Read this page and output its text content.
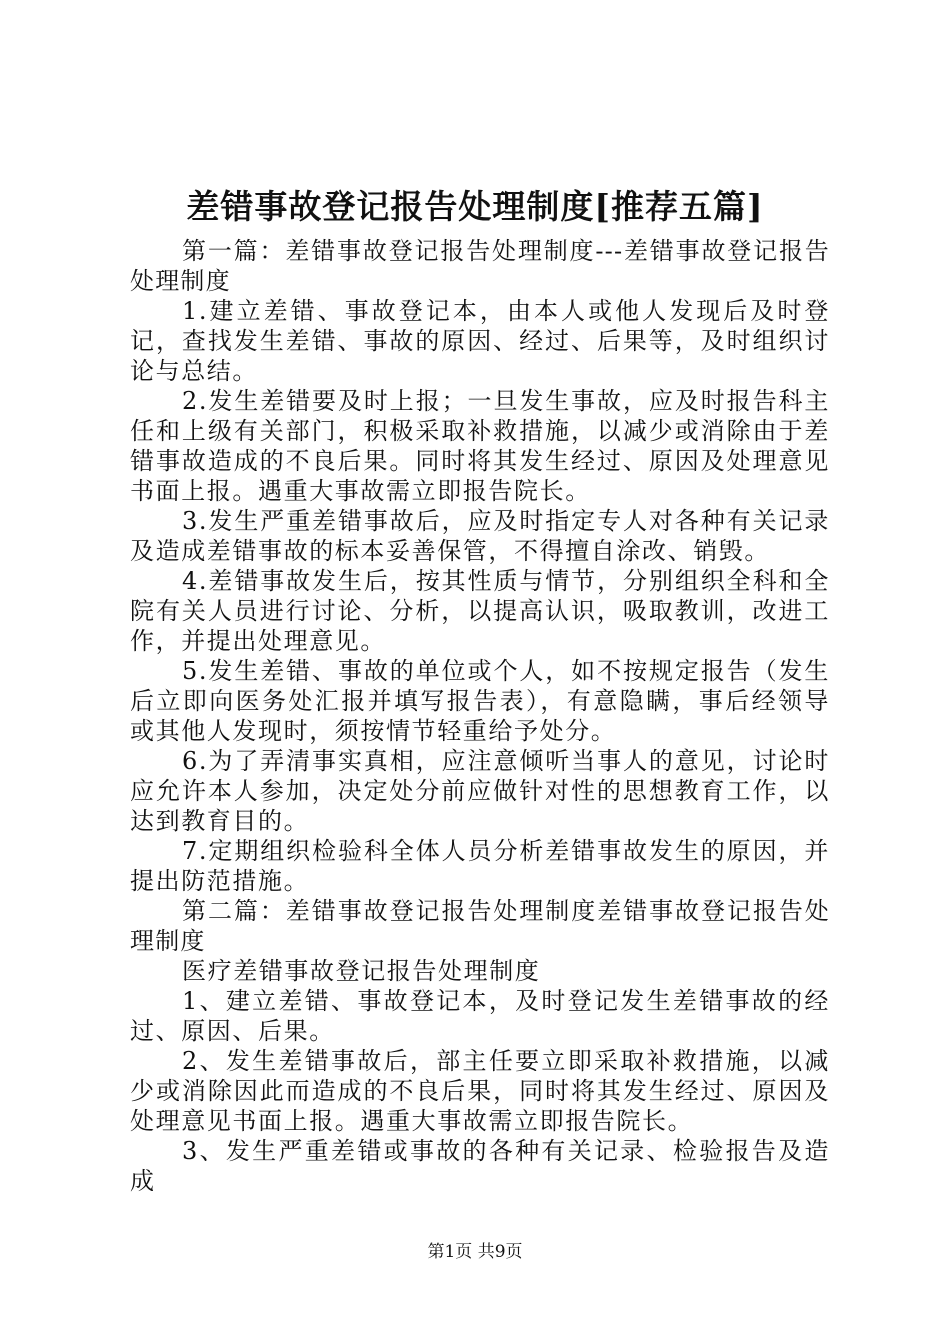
差错事故登记报告处理制度[推荐五篇]

第一篇：差错事故登记报告处理制度---差错事故登记报告处理制度

1.建立差错、事故登记本，由本人或他人发现后及时登记，查找发生差错、事故的原因、经过、后果等，及时组织讨论与总结。

2.发生差错要及时上报；一旦发生事故，应及时报告科主任和上级有关部门，积极采取补救措施，以减少或消除由于差错事故造成的不良后果。同时将其发生经过、原因及处理意见书面上报。遇重大事故需立即报告院长。

3.发生严重差错事故后，应及时指定专人对各种有关记录及造成差错事故的标本妥善保管，不得擅自涂改、销毁。

4.差错事故发生后，按其性质与情节，分别组织全科和全院有关人员进行讨论、分析，以提高认识，吸取教训，改进工作，并提出处理意见。

5.发生差错、事故的单位或个人，如不按规定报告（发生后立即向医务处汇报并填写报告表），有意隐瞒，事后经领导或其他人发现时，须按情节轻重给予处分。

6.为了弄清事实真相，应注意倾听当事人的意见，讨论时应允许本人参加，决定处分前应做针对性的思想教育工作，以达到教育目的。

7.定期组织检验科全体人员分析差错事故发生的原因，并提出防范措施。

第二篇：差错事故登记报告处理制度差错事故登记报告处理制度

医疗差错事故登记报告处理制度

1、建立差错、事故登记本，及时登记发生差错事故的经过、原因、后果。

2、发生差错事故后，部主任要立即采取补救措施，以减少或消除因此而造成的不良后果，同时将其发生经过、原因及处理意见书面上报。遇重大事故需立即报告院长。

3、发生严重差错或事故的各种有关记录、检验报告及造成

第1页 共9页
